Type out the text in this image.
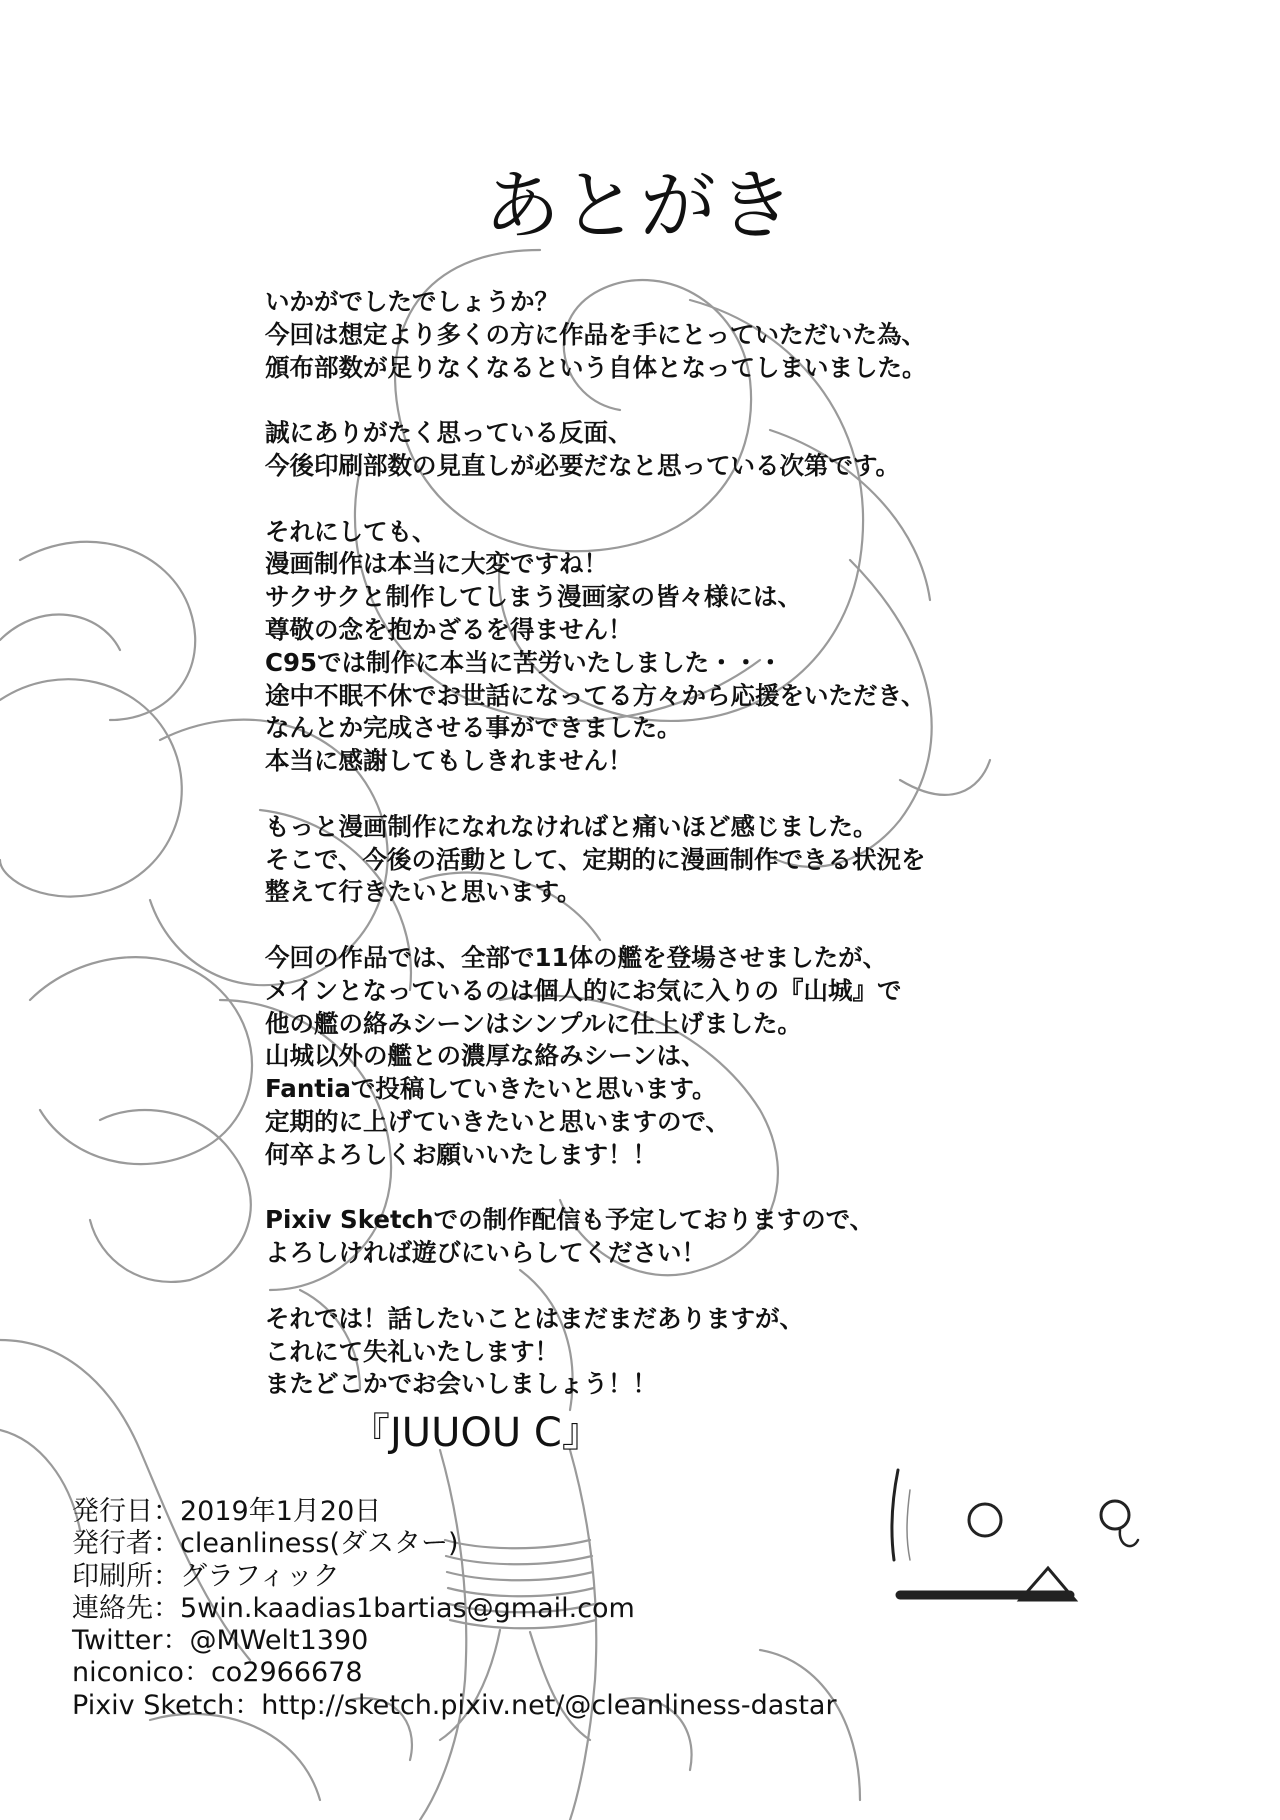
あとがき
いかがでしたでしょうか？
今回は想定より多くの方に作品を手にとっていただいた為、
頒布部数が足りなくなるという自体となってしまいました。
誠にありがたく思っている反面、
今後印刷部数の見直しが必要だなと思っている次第です。
それにしても、
漫画制作は本当に大変ですね！
サクサクと制作してしまう漫画家の皆々様には、
尊敬の念を抱かざるを得ません！
C95では制作に本当に苦労いたしました・・・
途中不眠不休でお世話になってる方々から応援をいただき、
なんとか完成させる事ができました。
本当に感謝してもしきれません！
もっと漫画制作になれなければと痛いほど感じました。
そこで、今後の活動として、定期的に漫画制作できる状況を
整えて行きたいと思います。
今回の作品では、全部で11体の艦を登場させましたが、
メインとなっているのは個人的にお気に入りの『山城』で
他の艦の絡みシーンはシンプルに仕上げました。
山城以外の艦との濃厚な絡みシーンは、
Fantiaで投稿していきたいと思います。
定期的に上げていきたいと思いますので、
何卒よろしくお願いいたします！！
Pixiv Sketchでの制作配信も予定しておりますので、
よろしければ遊びにいらしてください！
それでは！話したいことはまだまだありますが、
これにて失礼いたします！
またどこかでお会いしましょう！！
『JUUOU C』
発行日：2019年1月20日
発行者：cleanliness(ダスター)
印刷所：グラフィック
連絡先：5win.kaadias1bartias@gmail.com
Twitter：@MWelt1390
niconico：co2966678
Pixiv Sketch：http://sketch.pixiv.net/@cleanliness-dastar
